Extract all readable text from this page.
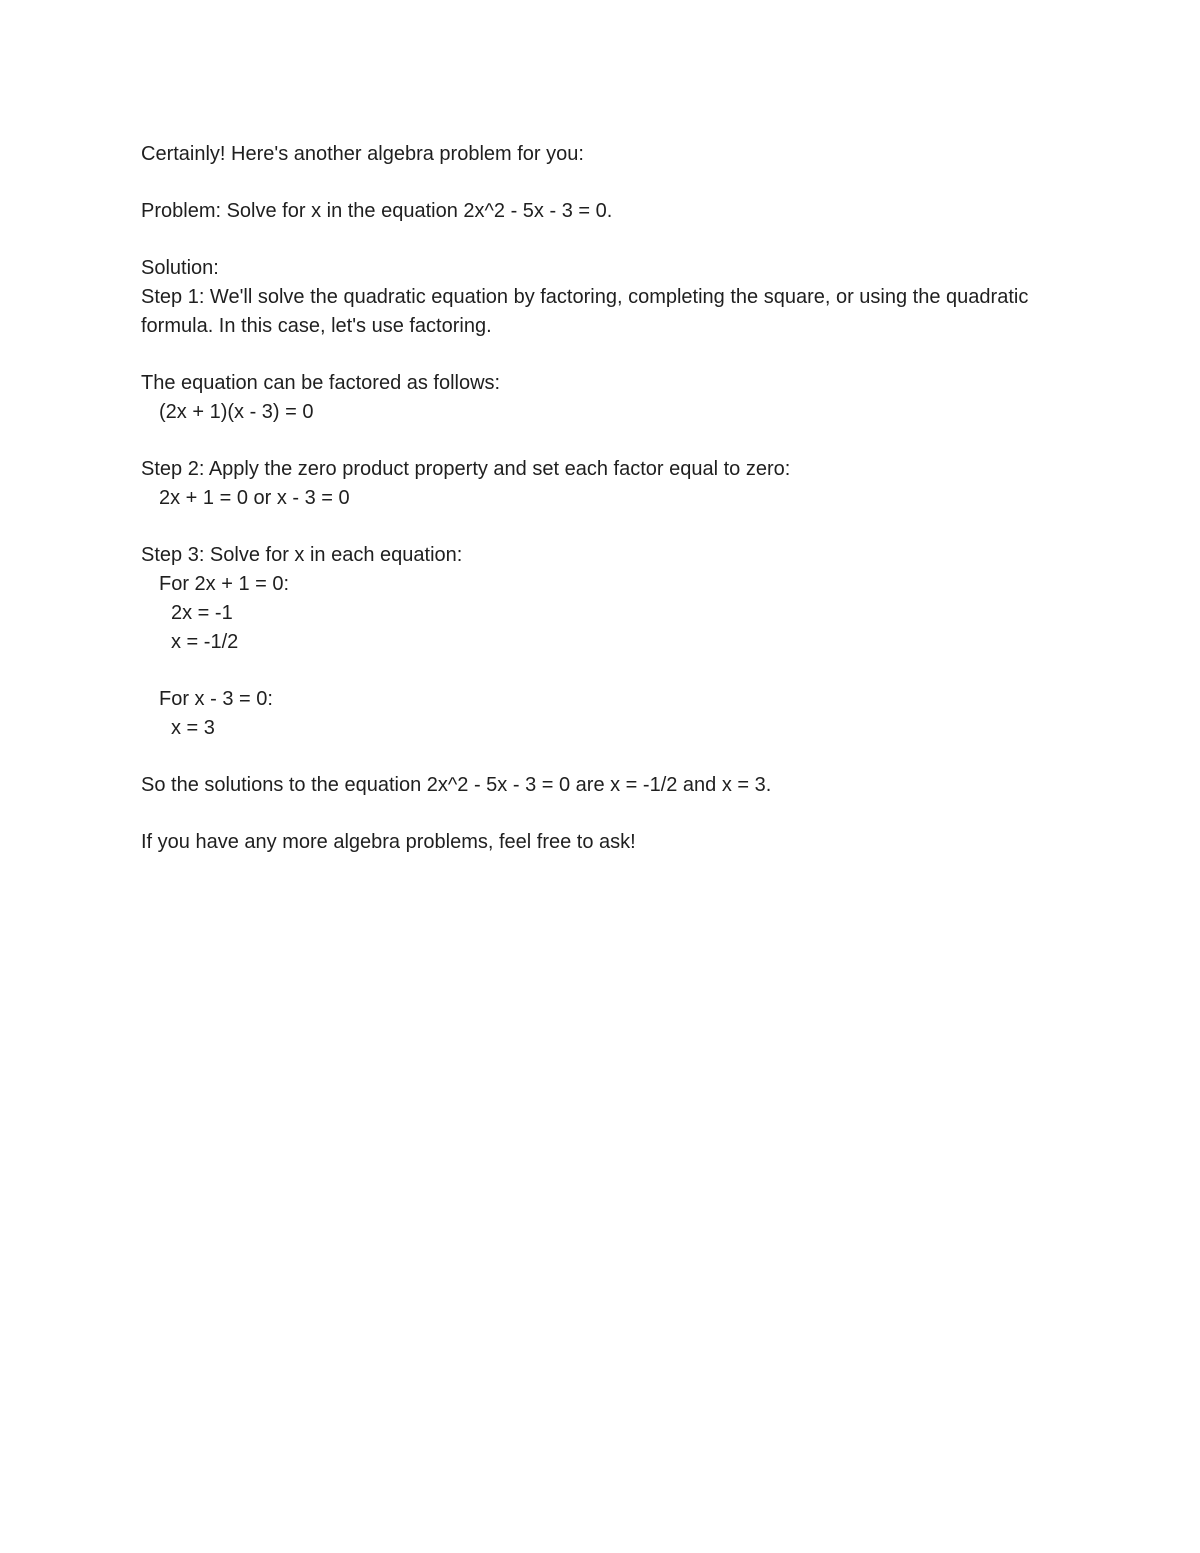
Certainly! Here's another algebra problem for you:
Problem: Solve for x in the equation 2x^2 - 5x - 3 = 0.
Solution:
Step 1: We'll solve the quadratic equation by factoring, completing the square, or using the quadratic formula. In this case, let's use factoring.
The equation can be factored as follows:
(2x + 1)(x - 3) = 0
Step 2: Apply the zero product property and set each factor equal to zero:
2x + 1 = 0 or x - 3 = 0
Step 3: Solve for x in each equation:
For 2x + 1 = 0:
2x = -1
x = -1/2
For x - 3 = 0:
x = 3
So the solutions to the equation 2x^2 - 5x - 3 = 0 are x = -1/2 and x = 3.
If you have any more algebra problems, feel free to ask!
